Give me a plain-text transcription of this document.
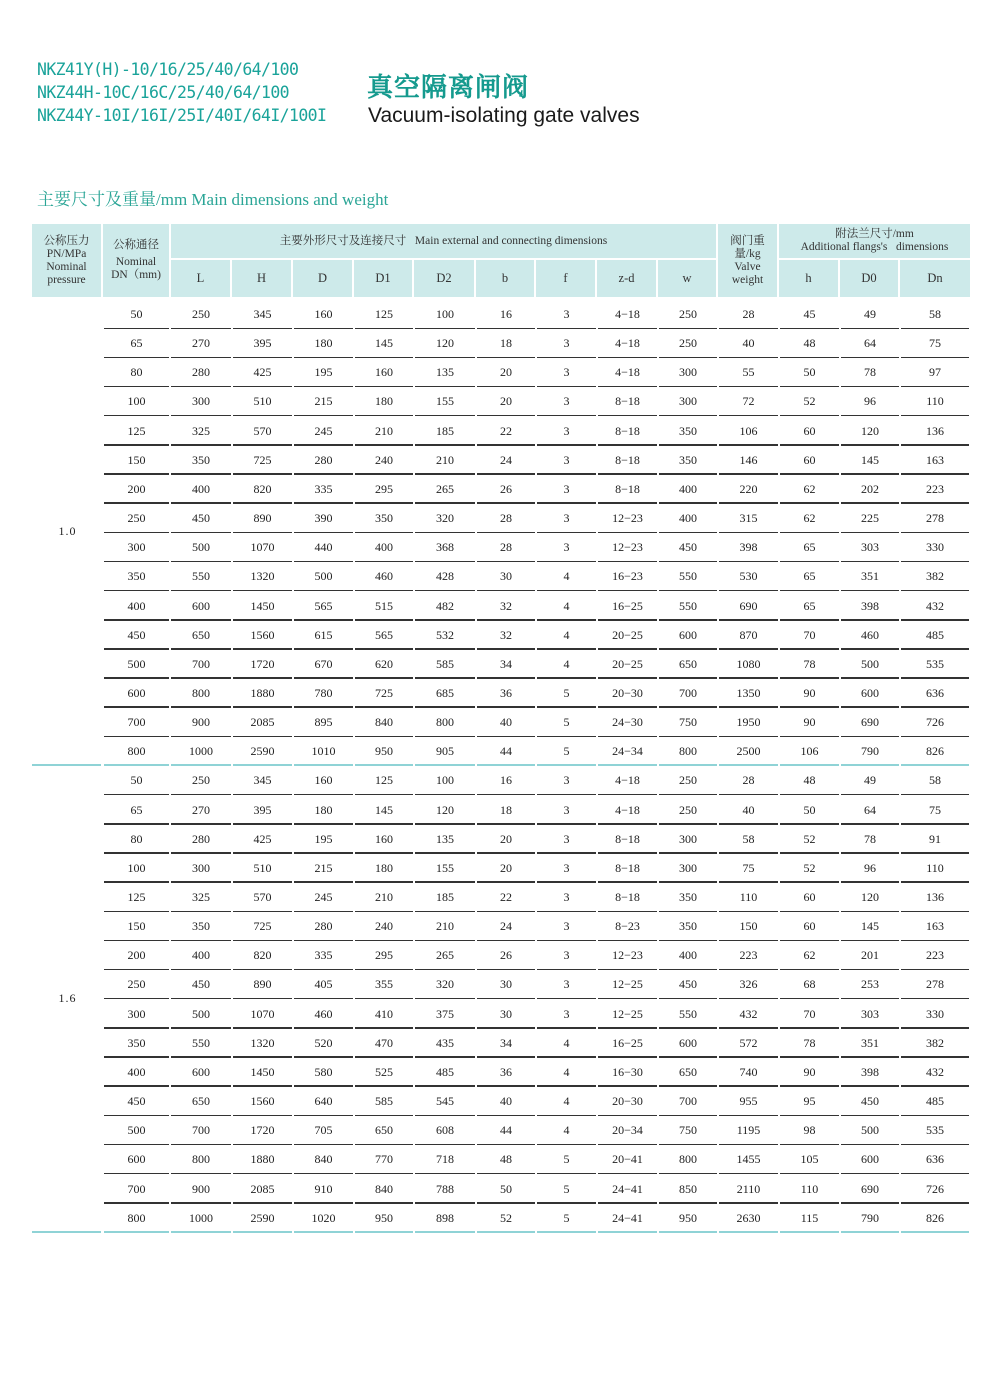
NKZ41Y(H)-10/16/25/40/64/100
NKZ44H-10C/16C/25/40/64/100
NKZ44Y-10I/16I/25I/40I/64I/100I
真空隔离闸阀
Vacuum-isolating gate valves
主要尺寸及重量/mm Main dimensions and weight
公称压力
PN/MPa
Nominal
pressure
公称通径
Nominal
DN（mm)
主要外形尺寸及连接尺寸   Main external and connecting dimensions	阀门重
量/kg
Valve
weight
附法兰尺寸/mm
Additional flangs's   dimensions
L	H	D	D1	D2	b	f	z-d	w	h	D0	Dn
50	250	345	160	125	100	16	3	4−18	250	28	45	49	58
65	270	395	180	145	120	18	3	4−18	250	40	48	64	75
80	280	425	195	160	135	20	3	4−18	300	55	50	78	97
100	300	510	215	180	155	20	3	8−18	300	72	52	96	110
125	325	570	245	210	185	22	3	8−18	350	106	60	120	136
150	350	725	280	240	210	24	3	8−18	350	146	60	145	163
200	400	820	335	295	265	26	3	8−18	400	220	62	202	223
250	450	890	390	350	320	28	3	12−23	400	315	62	225	278
300	500	1070	440	400	368	28	3	12−23	450	398	65	303	330
350	550	1320	500	460	428	30	4	16−23	550	530	65	351	382
400	600	1450	565	515	482	32	4	16−25	550	690	65	398	432
450	650	1560	615	565	532	32	4	20−25	600	870	70	460	485
500	700	1720	670	620	585	34	4	20−25	650	1080	78	500	535
600	800	1880	780	725	685	36	5	20−30	700	1350	90	600	636
700	900	2085	895	840	800	40	5	24−30	750	1950	90	690	726
800	1000	2590	1010	950	905	44	5	24−34	800	2500	106	790	826
1.0
50	250	345	160	125	100	16	3	4−18	250	28	48	49	58
65	270	395	180	145	120	18	3	4−18	250	40	50	64	75
80	280	425	195	160	135	20	3	8−18	300	58	52	78	91
100	300	510	215	180	155	20	3	8−18	300	75	52	96	110
125	325	570	245	210	185	22	3	8−18	350	110	60	120	136
150	350	725	280	240	210	24	3	8−23	350	150	60	145	163
200	400	820	335	295	265	26	3	12−23	400	223	62	201	223
250	450	890	405	355	320	30	3	12−25	450	326	68	253	278
300	500	1070	460	410	375	30	3	12−25	550	432	70	303	330
350	550	1320	520	470	435	34	4	16−25	600	572	78	351	382
400	600	1450	580	525	485	36	4	16−30	650	740	90	398	432
450	650	1560	640	585	545	40	4	20−30	700	955	95	450	485
500	700	1720	705	650	608	44	4	20−34	750	1195	98	500	535
600	800	1880	840	770	718	48	5	20−41	800	1455	105	600	636
700	900	2085	910	840	788	50	5	24−41	850	2110	110	690	726
800	1000	2590	1020	950	898	52	5	24−41	950	2630	115	790	826
1.6
